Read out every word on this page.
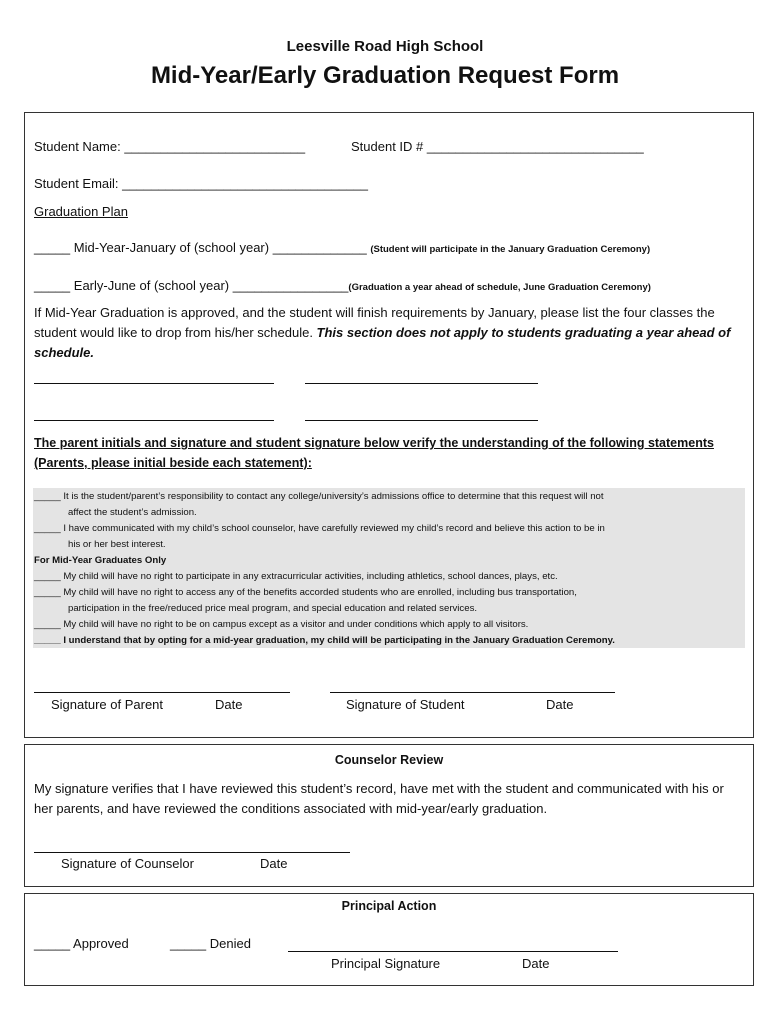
Leesville Road High School
Mid-Year/Early Graduation Request Form
Student Name: _________________________	Student ID # ______________________________
Student Email: __________________________________
Graduation Plan
_____ Mid-Year-January of (school year) _____________ (Student will participate in the January Graduation Ceremony)
_____ Early-June of (school year) ________________(Graduation a year ahead of schedule, June Graduation Ceremony)
If Mid-Year Graduation is approved, and the student will finish requirements by January, please list the four classes the student would like to drop from his/her schedule. This section does not apply to students graduating a year ahead of schedule.
The parent initials and signature and student signature below verify the understanding of the following statements (Parents, please initial beside each statement):
_____ It is the student/parent’s responsibility to contact any college/university’s admissions office to determine that this request will not
affect the student’s admission.
_____ I have communicated with my child’s school counselor, have carefully reviewed my child’s record and believe this action to be in
his or her best interest.
For Mid-Year Graduates Only
_____ My child will have no right to participate in any extracurricular activities, including athletics, school dances, plays, etc.
_____ My child will have no right to access any of the benefits accorded students who are enrolled, including bus transportation,
participation in the free/reduced price meal program, and special education and related services.
_____ My child will have no right to be on campus except as a visitor and under conditions which apply to all visitors.
_____ I understand that by opting for a mid-year graduation, my child will be participating in the January Graduation Ceremony.
Signature of Parent	Date	Signature of Student	Date
Counselor Review
My signature verifies that I have reviewed this student’s record, have met with the student and communicated with his or her parents, and have reviewed the conditions associated with mid-year/early graduation.
Signature of Counselor	Date
Principal Action
_____ Approved	_____ Denied
Principal Signature	Date
